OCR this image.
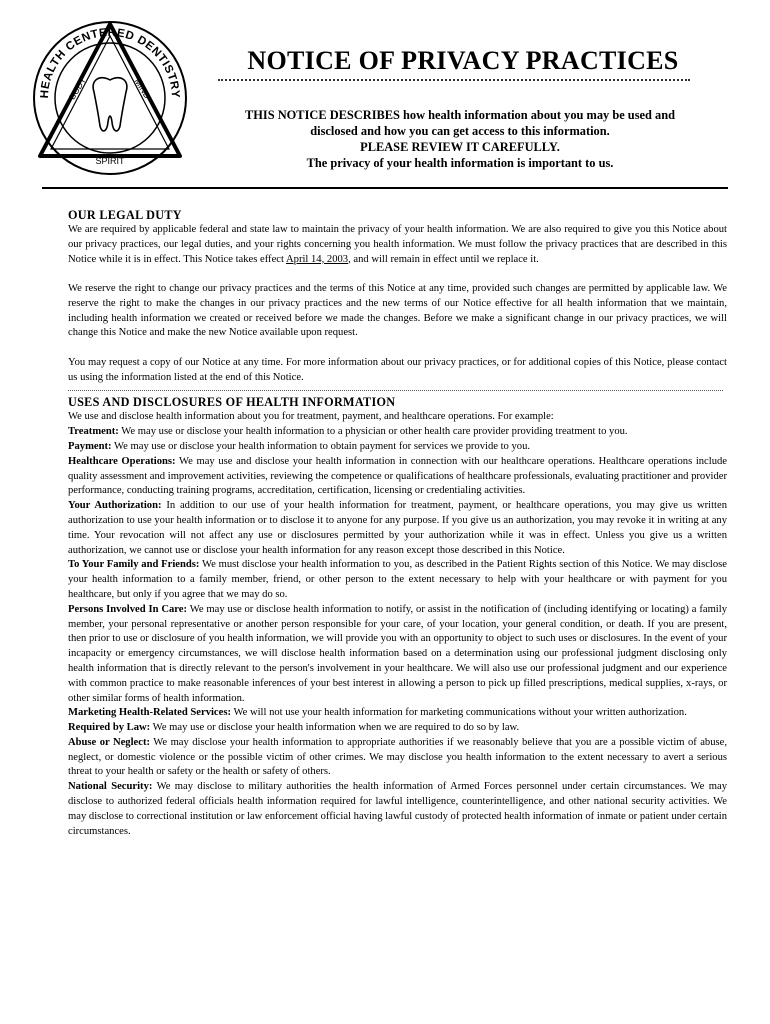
HEALTH CENTERED DENTISTRY
BODY	MIND
SPIRIT
NOTICE OF PRIVACY PRACTICES
THIS NOTICE DESCRIBES how health information about you may be used and
disclosed and how you can get access to this information.
PLEASE REVIEW IT CAREFULLY.
The privacy of your health information is important to us.

OUR LEGAL DUTY

We are required by applicable federal and state law to maintain the privacy of your health information. We are also required to give you this Notice about our privacy practices, our legal duties, and your rights concerning you health information. We must follow the privacy practices that are described in this Notice while it is in effect. This Notice takes effect April 14, 2003, and will remain in effect until we replace it.

We reserve the right to change our privacy practices and the terms of this Notice at any time, provided such changes are permitted by applicable law. We reserve the right to make the changes in our privacy practices and the new terms of our Notice effective for all health information that we maintain, including health information we created or received before we made the changes. Before we make a significant change in our privacy practices, we will change this Notice and make the new Notice available upon request.

You may request a copy of our Notice at any time. For more information about our privacy practices, or for additional copies of this Notice, please contact us using the information listed at the end of this Notice.

USES AND DISCLOSURES OF HEALTH INFORMATION

We use and disclose health information about you for treatment, payment, and healthcare operations. For example:

Treatment: We may use or disclose your health information to a physician or other health care provider providing treatment to you.

Payment: We may use or disclose your health information to obtain payment for services we provide to you.

Healthcare Operations: We may use and disclose your health information in connection with our healthcare operations. Healthcare operations include quality assessment and improvement activities, reviewing the competence or qualifications of healthcare professionals, evaluating practitioner and provider performance, conducting training programs, accreditation, certification, licensing or credentialing activities.

Your Authorization: In addition to our use of your health information for treatment, payment, or healthcare operations, you may give us written authorization to use your health information or to disclose it to anyone for any purpose. If you give us an authorization, you may revoke it in writing at any time. Your revocation will not affect any use or disclosures permitted by your authorization while it was in effect. Unless you give us a written authorization, we cannot use or disclose your health information for any reason except those described in this Notice.

To Your Family and Friends: We must disclose your health information to you, as described in the Patient Rights section of this Notice. We may disclose your health information to a family member, friend, or other person to the extent necessary to help with your healthcare or with payment for you healthcare, but only if you agree that we may do so.

Persons Involved In Care: We may use or disclose health information to notify, or assist in the notification of (including identifying or locating) a family member, your personal representative or another person responsible for your care, of your location, your general condition, or death. If you are present, then prior to use or disclosure of you health information, we will provide you with an opportunity to object to such uses or disclosures. In the event of your incapacity or emergency circumstances, we will disclose health information based on a determination using our professional judgment disclosing only health information that is directly relevant to the person's involvement in your healthcare. We will also use our professional judgment and our experience with common practice to make reasonable inferences of your best interest in allowing a person to pick up filled prescriptions, medical supplies, x-rays, or other similar forms of health information.

Marketing Health-Related Services: We will not use your health information for marketing communications without your written authorization.

Required by Law: We may use or disclose your health information when we are required to do so by law.

Abuse or Neglect: We may disclose your health information to appropriate authorities if we reasonably believe that you are a possible victim of abuse, neglect, or domestic violence or the possible victim of other crimes. We may disclose you health information to the extent necessary to avert a serious threat to your health or safety or the health or safety of others.

National Security: We may disclose to military authorities the health information of Armed Forces personnel under certain circumstances. We may disclose to authorized federal officials health information required for lawful intelligence, counterintelligence, and other national security activities. We may disclose to correctional institution or law enforcement official having lawful custody of protected health information of inmate or patient under certain circumstances.
